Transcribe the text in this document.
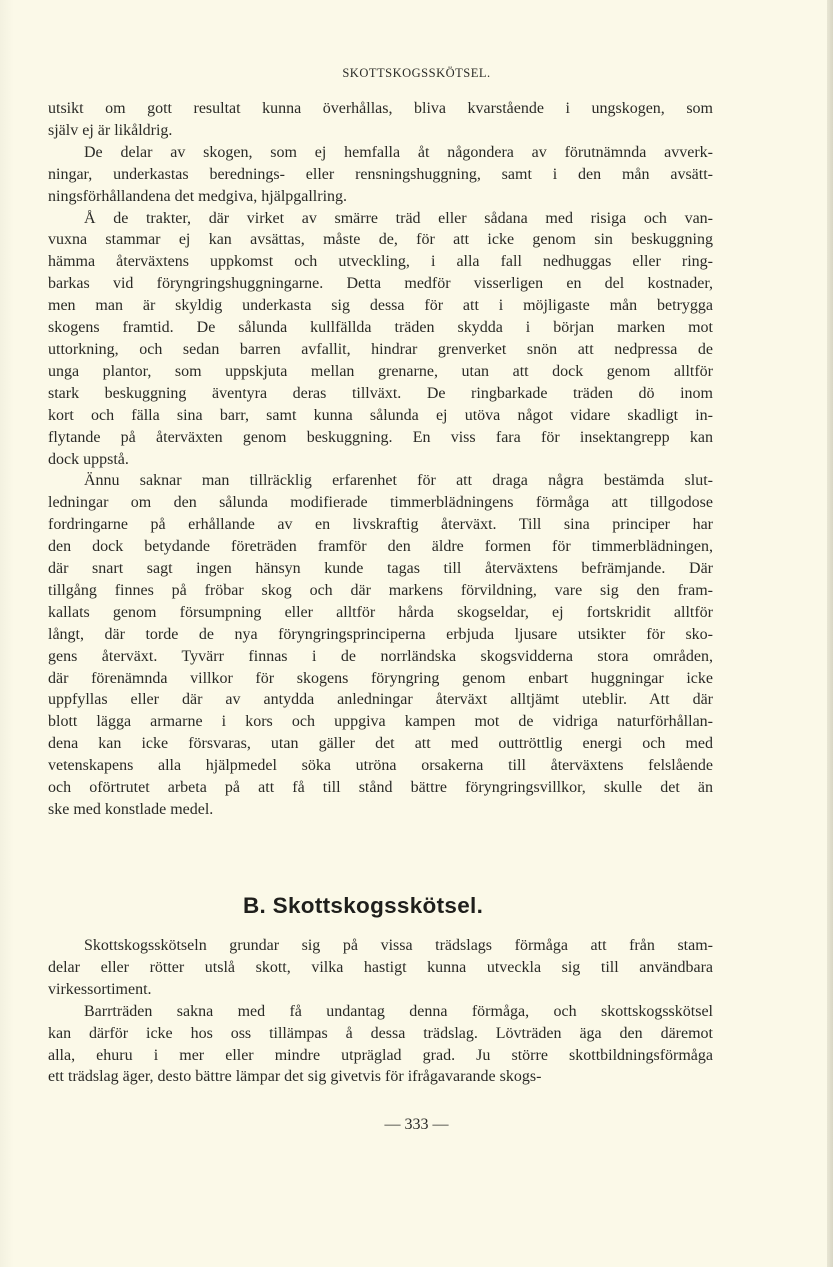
SKOTTSKOGSSKÖTSEL.
utsikt om gott resultat kunna överhållas, bliva kvarstående i ungskogen, som
själv ej är likåldrig.
De delar av skogen, som ej hemfalla åt någondera av förutnämnda avverk-
ningar, underkastas berednings- eller rensningshuggning, samt i den mån avsätt-
ningsförhållandena det medgiva, hjälpgallring.
Å de trakter, där virket av smärre träd eller sådana med risiga och van-
vuxna stammar ej kan avsättas, måste de, för att icke genom sin beskuggning
hämma återväxtens uppkomst och utveckling, i alla fall nedhuggas eller ring-
barkas vid föryngringshuggningarne. Detta medför visserligen en del kostnader,
men man är skyldig underkasta sig dessa för att i möjligaste mån betrygga
skogens framtid. De sålunda kullfällda träden skydda i början marken mot
uttorkning, och sedan barren avfallit, hindrar grenverket snön att nedpressa de
unga plantor, som uppskjuta mellan grenarne, utan att dock genom alltför
stark beskuggning äventyra deras tillväxt. De ringbarkade träden dö inom
kort och fälla sina barr, samt kunna sålunda ej utöva något vidare skadligt in-
flytande på återväxten genom beskuggning. En viss fara för insektangrepp kan
dock uppstå.
Ännu saknar man tillräcklig erfarenhet för att draga några bestämda slut-
ledningar om den sålunda modifierade timmerblädningens förmåga att tillgodose
fordringarne på erhållande av en livskraftig återväxt. Till sina principer har
den dock betydande företräden framför den äldre formen för timmerblädningen,
där snart sagt ingen hänsyn kunde tagas till återväxtens befrämjande. Där
tillgång finnes på fröbar skog och där markens förvildning, vare sig den fram-
kallats genom försumpning eller alltför hårda skogseldar, ej fortskridit alltför
långt, där torde de nya föryngringsprinciperna erbjuda ljusare utsikter för sko-
gens återväxt. Tyvärr finnas i de norrländska skogsvidderna stora områden,
där förenämnda villkor för skogens föryngring genom enbart huggningar icke
uppfyllas eller där av antydda anledningar återväxt alltjämt uteblir. Att där
blott lägga armarne i kors och uppgiva kampen mot de vidriga naturförhållan-
dena kan icke försvaras, utan gäller det att med outtröttlig energi och med
vetenskapens alla hjälpmedel söka utröna orsakerna till återväxtens felslående
och oförtrutet arbeta på att få till stånd bättre föryngringsvillkor, skulle det än
ske med konstlade medel.
B. Skottskogsskötsel.
Skottskogsskötseln grundar sig på vissa trädslags förmåga att från stam-
delar eller rötter utslå skott, vilka hastigt kunna utveckla sig till användbara
virkessortiment.
Barrträden sakna med få undantag denna förmåga, och skottskogsskötsel
kan därför icke hos oss tillämpas å dessa trädslag. Lövträden äga den däremot
alla, ehuru i mer eller mindre utpräglad grad. Ju större skottbildningsförmåga
ett trädslag äger, desto bättre lämpar det sig givetvis för ifrågavarande skogs-
— 333 —
